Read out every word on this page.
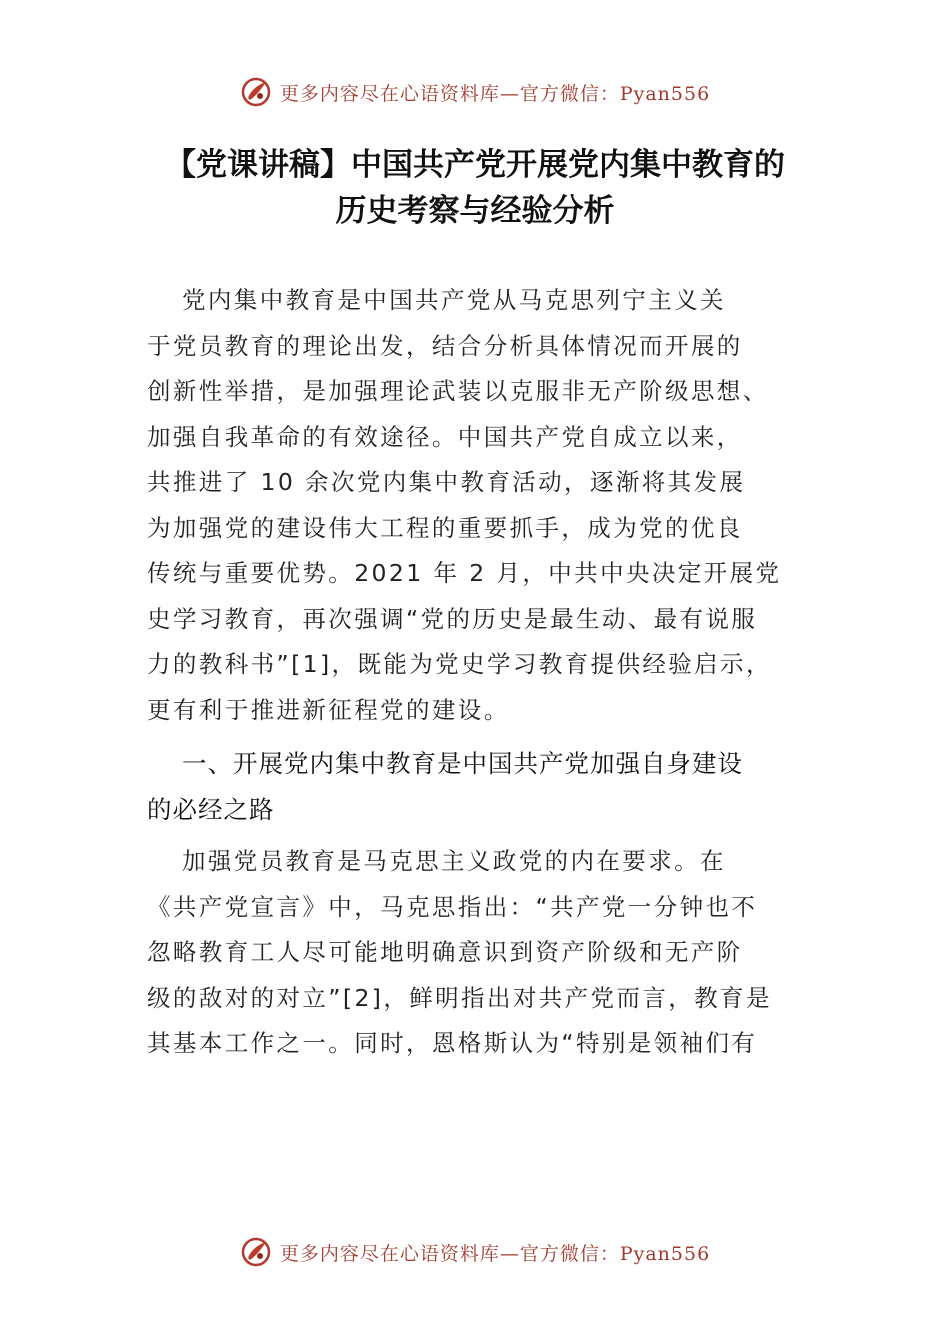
更多内容尽在心语资料库—官方微信：Pyan556
【党课讲稿】中国共产党开展党内集中教育的
历史考察与经验分析
党内集中教育是中国共产党从马克思列宁主义关
于党员教育的理论出发，结合分析具体情况而开展的
创新性举措，是加强理论武装以克服非无产阶级思想、
加强自我革命的有效途径。中国共产党自成立以来，
共推进了 10 余次党内集中教育活动，逐渐将其发展
为加强党的建设伟大工程的重要抓手，成为党的优良
传统与重要优势。2021 年 2 月，中共中央决定开展党
史学习教育，再次强调“党的历史是最生动、最有说服
力的教科书”[1]，既能为党史学习教育提供经验启示，
更有利于推进新征程党的建设。
一、开展党内集中教育是中国共产党加强自身建设
的必经之路
加强党员教育是马克思主义政党的内在要求。在
《共产党宣言》中，马克思指出：“共产党一分钟也不
忽略教育工人尽可能地明确意识到资产阶级和无产阶
级的敌对的对立”[2]，鲜明指出对共产党而言，教育是
其基本工作之一。同时，恩格斯认为“特别是领袖们有
更多内容尽在心语资料库—官方微信：Pyan556
